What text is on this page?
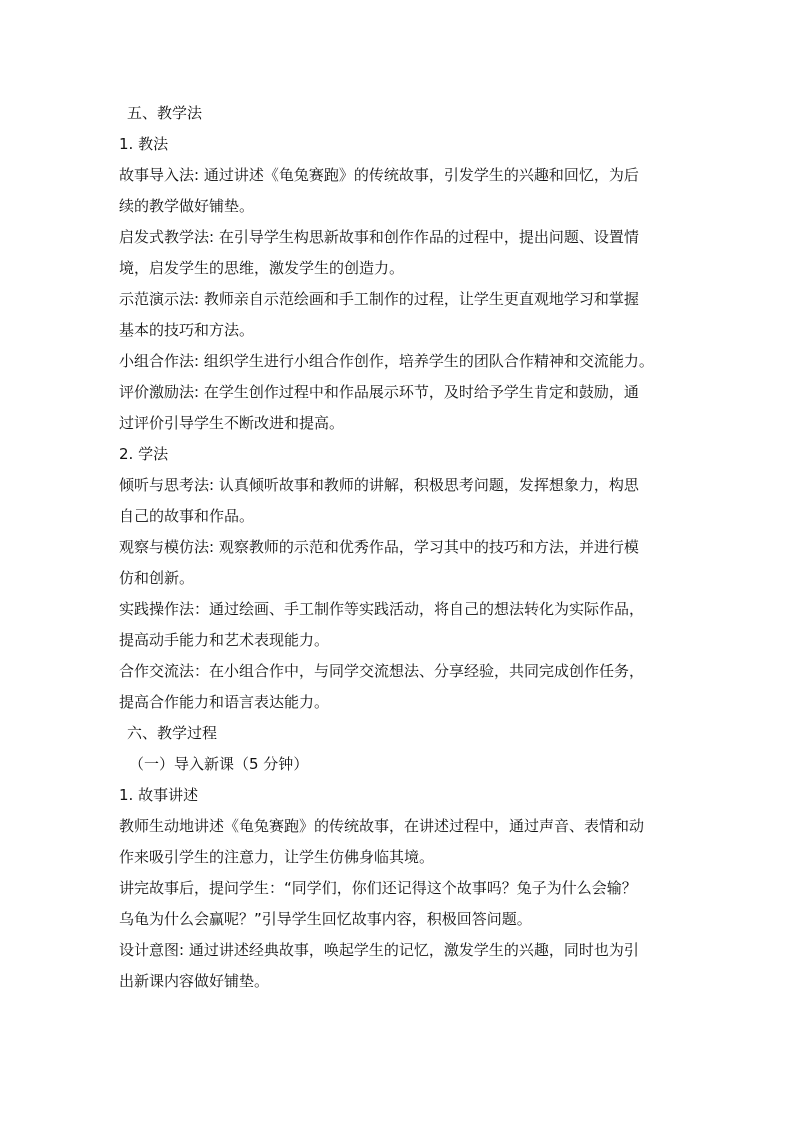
五、教学法
1. 教法
故事导入法: 通过讲述《龟兔赛跑》的传统故事，引发学生的兴趣和回忆，为后
续的教学做好铺垫。
启发式教学法: 在引导学生构思新故事和创作作品的过程中，提出问题、设置情
境，启发学生的思维，激发学生的创造力。
示范演示法: 教师亲自示范绘画和手工制作的过程，让学生更直观地学习和掌握
基本的技巧和方法。
小组合作法: 组织学生进行小组合作创作，培养学生的团队合作精神和交流能力。
评价激励法: 在学生创作过程中和作品展示环节，及时给予学生肯定和鼓励，通
过评价引导学生不断改进和提高。
2. 学法
倾听与思考法: 认真倾听故事和教师的讲解，积极思考问题，发挥想象力，构思
自己的故事和作品。
观察与模仿法: 观察教师的示范和优秀作品，学习其中的技巧和方法，并进行模
仿和创新。
实践操作法：通过绘画、手工制作等实践活动，将自己的想法转化为实际作品，
提高动手能力和艺术表现能力。
合作交流法：在小组合作中，与同学交流想法、分享经验，共同完成创作任务，
提高合作能力和语言表达能力。
六、教学过程
（一）导入新课（5 分钟）
1. 故事讲述
教师生动地讲述《龟兔赛跑》的传统故事，在讲述过程中，通过声音、表情和动
作来吸引学生的注意力，让学生仿佛身临其境。
讲完故事后，提问学生：“同学们，你们还记得这个故事吗？兔子为什么会输？
乌龟为什么会赢呢？”引导学生回忆故事内容，积极回答问题。
设计意图: 通过讲述经典故事，唤起学生的记忆，激发学生的兴趣，同时也为引
出新课内容做好铺垫。
